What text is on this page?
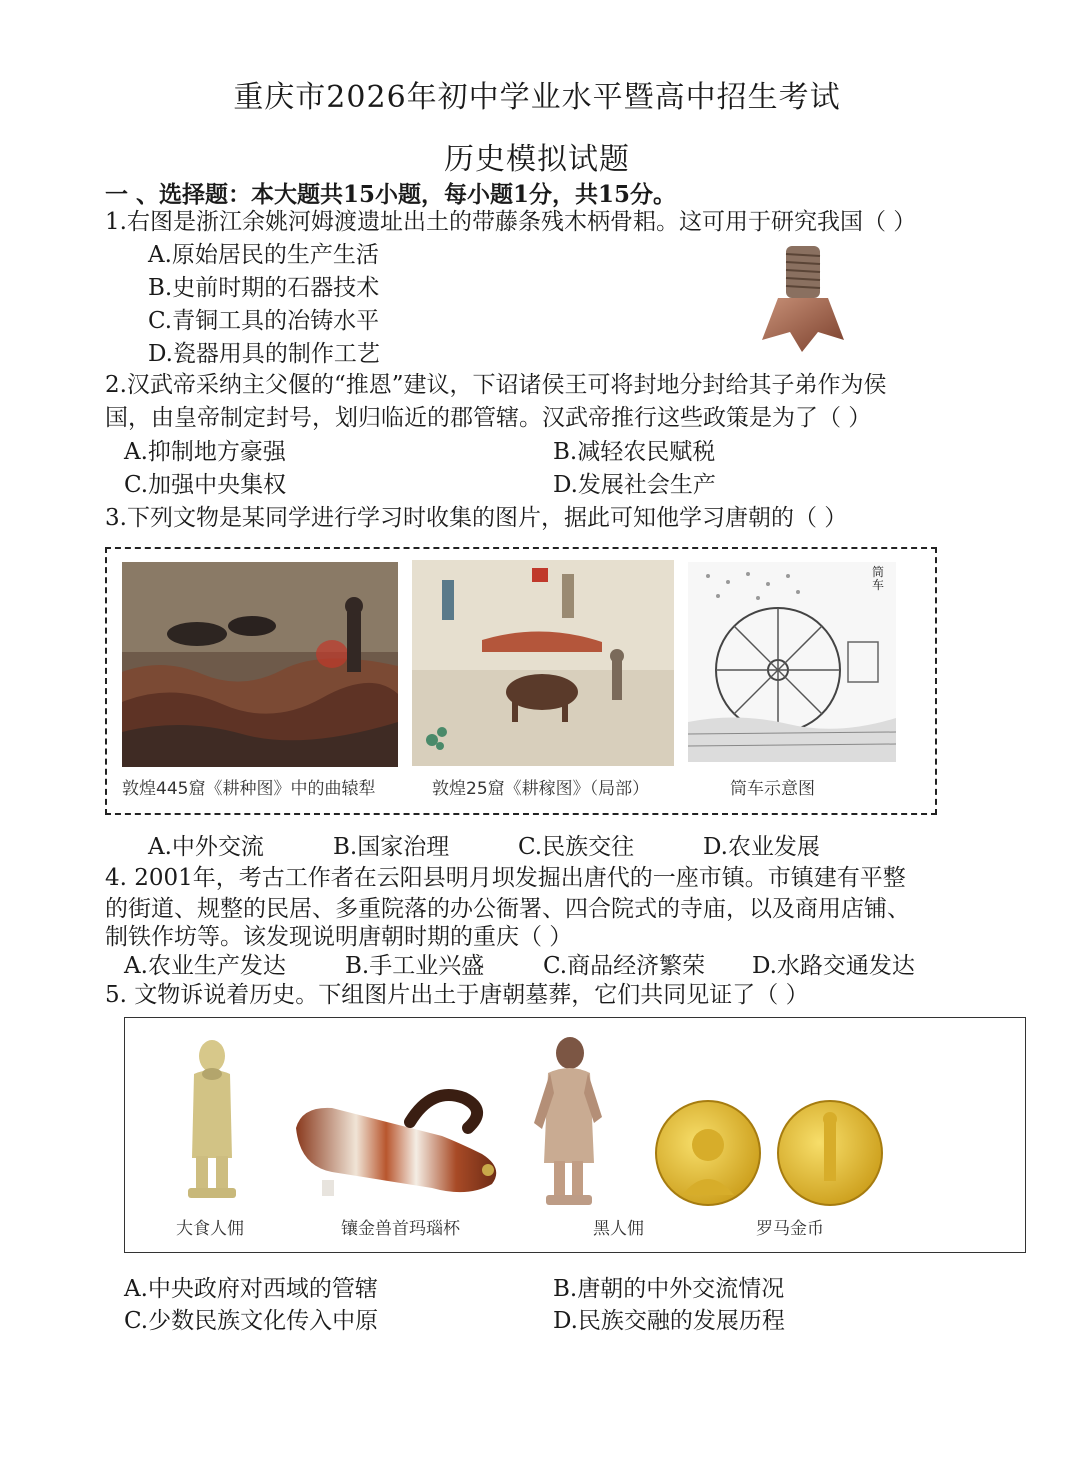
重庆市2026年初中学业水平暨高中招生考试
历史模拟试题
一 、选择题：本大题共15小题，每小题1分，共15分。
1.右图是浙江余姚河姆渡遗址出土的带藤条残木柄骨耜。这可用于研究我国（ ）
A.原始居民的生产生活
B.史前时期的石器技术
C.青铜工具的冶铸水平
D.瓷器用具的制作工艺
2.汉武帝采纳主父偃的“推恩”建议，下诏诸侯王可将封地分封给其子弟作为侯
国，由皇帝制定封号，划归临近的郡管辖。汉武帝推行这些政策是为了（ ）
A.抑制地方豪强	B.减轻农民赋税
C.加强中央集权	D.发展社会生产
3.下列文物是某同学进行学习时收集的图片，据此可知他学习唐朝的（ ）
敦煌445窟《耕种图》中的曲辕犁	敦煌25窟《耕稼图》（局部）
筒车
筒车示意图
A.中外交流	B.国家治理	C.民族交往	D.农业发展
4. 2001年，考古工作者在云阳县明月坝发掘出唐代的一座市镇。市镇建有平整
的街道、规整的民居、多重院落的办公衙署、四合院式的寺庙，以及商用店铺、
制铁作坊等。该发现说明唐朝时期的重庆（ ）
A.农业生产发达	B.手工业兴盛	C.商品经济繁荣 D.水路交通发达
5. 文物诉说着历史。下组图片出土于唐朝墓葬，它们共同见证了（ ）
大食人佣	镶金兽首玛瑙杯	黑人佣	罗马金币
A.中央政府对西域的管辖	B.唐朝的中外交流情况
C.少数民族文化传入中原	D.民族交融的发展历程
